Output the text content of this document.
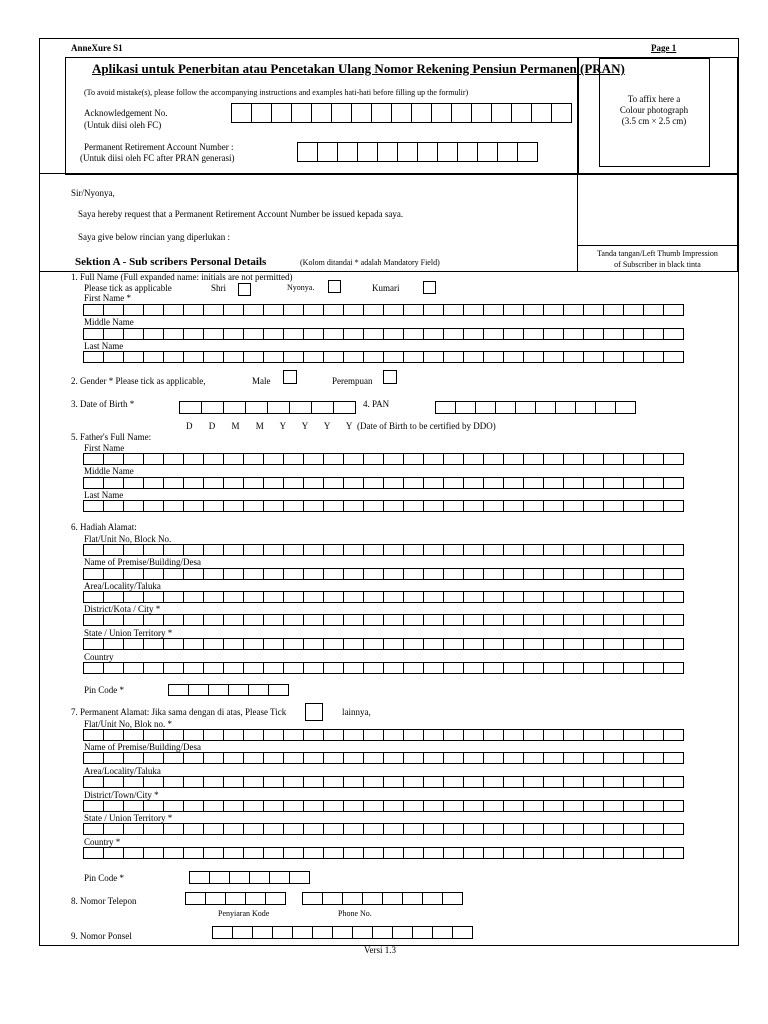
AnneXure S1	Page 1
Aplikasi untuk Penerbitan atau Pencetakan Ulang Nomor Rekening Pensiun Permanen (PRAN)
(To avoid mistake(s), please follow the accompanying instructions and examples hati-hati before filling up the formulir)
Acknowledgement No.
(Untuk diisi oleh FC)
Permanent Retirement Account Number :
(Untuk diisi oleh FC after PRAN generasi)
To affix here a
Colour photograph
(3.5 cm × 2.5 cm)
Sir/Nyonya,
Saya hereby request that a Permanent Retirement Account Number be issued kepada saya.
Saya give below rincian yang diperlukan :
Sektion A - Sub scribers Personal Details	(Kolom ditandai * adalah Mandatory Field)
Tanda tangan/Left Thumb Impression
of Subscriber in black tinta
1. Full Name (Full expanded name: initials are not permitted)
Please tick as applicable	Shri	Nyonya.	Kumari
First Name *
Middle Name
Last Name
2. Gender * Please tick as applicable,	Male	Perempuan
3. Date of Birth *	4. PAN
D D M M Y Y Y Y (Date of Birth to be certified by DDO)
5. Father's Full Name:
First Name
Middle Name
Last Name
6. Hadiah Alamat:
Flat/Unit No, Block No.
Name of Premise/Building/Desa
Area/Locality/Taluka
District/Kota / City *
State / Union Territory *
Country
Pin Code *
7. Permanent Alamat: Jika sama dengan di atas, Please Tick	lainnya,
Flat/Unit No, Blok no. *
Name of Premise/Building/Desa
Area/Locality/Taluka
District/Town/City *
State / Union Territory *
Country *
Pin Code *
8. Nomor Telepon
Penyiaran Kode	Phone No.
9. Nomor Ponsel
Versi 1.3
